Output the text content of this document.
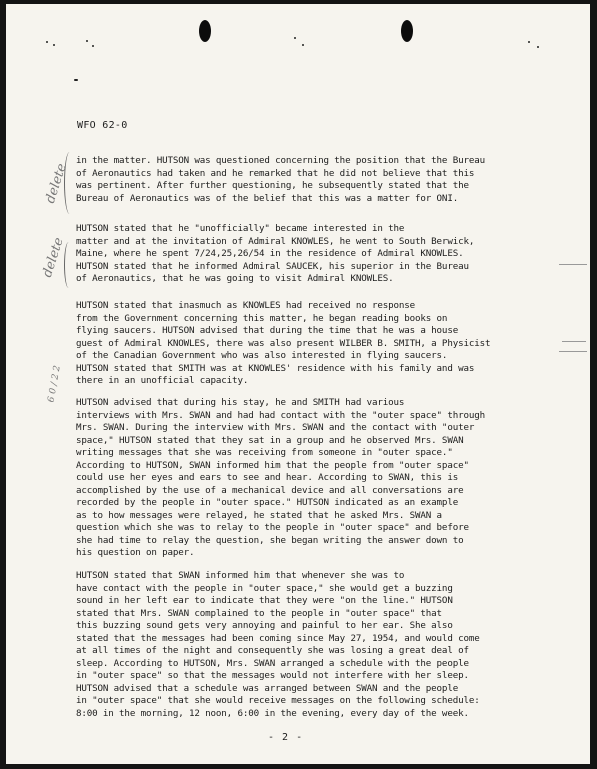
WFO 62-0
delete
delete
6 0 / 2 2

in the matter. HUTSON was questioned concerning the position that the Bureau

of Aeronautics had taken and he remarked that he did not believe that this

was pertinent. After further questioning, he subsequently stated that the

Bureau of Aeronautics was of the belief that this was a matter for ONI.

HUTSON stated that he "unofficially" became interested in the

matter and at the invitation of Admiral KNOWLES, he went to South Berwick,

Maine, where he spent 7/24,25,26/54 in the residence of Admiral KNOWLES.

HUTSON stated that he informed Admiral SAUCEK, his superior in the Bureau

of Aeronautics, that he was going to visit Admiral KNOWLES.

HUTSON stated that inasmuch as KNOWLES had received no response

from the Government concerning this matter, he began reading books on

flying saucers. HUTSON advised that during the time that he was a house

guest of Admiral KNOWLES, there was also present WILBER B. SMITH, a Physicist

of the Canadian Government who was also interested in flying saucers.

HUTSON stated that SMITH was at KNOWLES' residence with his family and was

there in an unofficial capacity.

HUTSON advised that during his stay, he and SMITH had various

interviews with Mrs. SWAN and had had contact with the "outer space" through

Mrs. SWAN. During the interview with Mrs. SWAN and the contact with "outer

space," HUTSON stated that they sat in a group and he observed Mrs. SWAN

writing messages that she was receiving from someone in "outer space."

According to HUTSON, SWAN informed him that the people from "outer space"

could use her eyes and ears to see and hear. According to SWAN, this is

accomplished by the use of a mechanical device and all conversations are

recorded by the people in "outer space." HUTSON indicated as an example

as to how messages were relayed, he stated that he asked Mrs. SWAN a

question which she was to relay to the people in "outer space" and before

she had time to relay the question, she began writing the answer down to

his question on paper.

HUTSON stated that SWAN informed him that whenever she was to

have contact with the people in "outer space," she would get a buzzing

sound in her left ear to indicate that they were "on the line." HUTSON

stated that Mrs. SWAN complained to the people in "outer space" that

this buzzing sound gets very annoying and painful to her ear. She also

stated that the messages had been coming since May 27, 1954, and would come

at all times of the night and consequently she was losing a great deal of

sleep. According to HUTSON, Mrs. SWAN arranged a schedule with the people

in "outer space" so that the messages would not interfere with her sleep.

HUTSON advised that a schedule was arranged between SWAN and the people

in "outer space" that she would receive messages on the following schedule:

8:00 in the morning, 12 noon, 6:00 in the evening, every day of the week.

- 2 -
